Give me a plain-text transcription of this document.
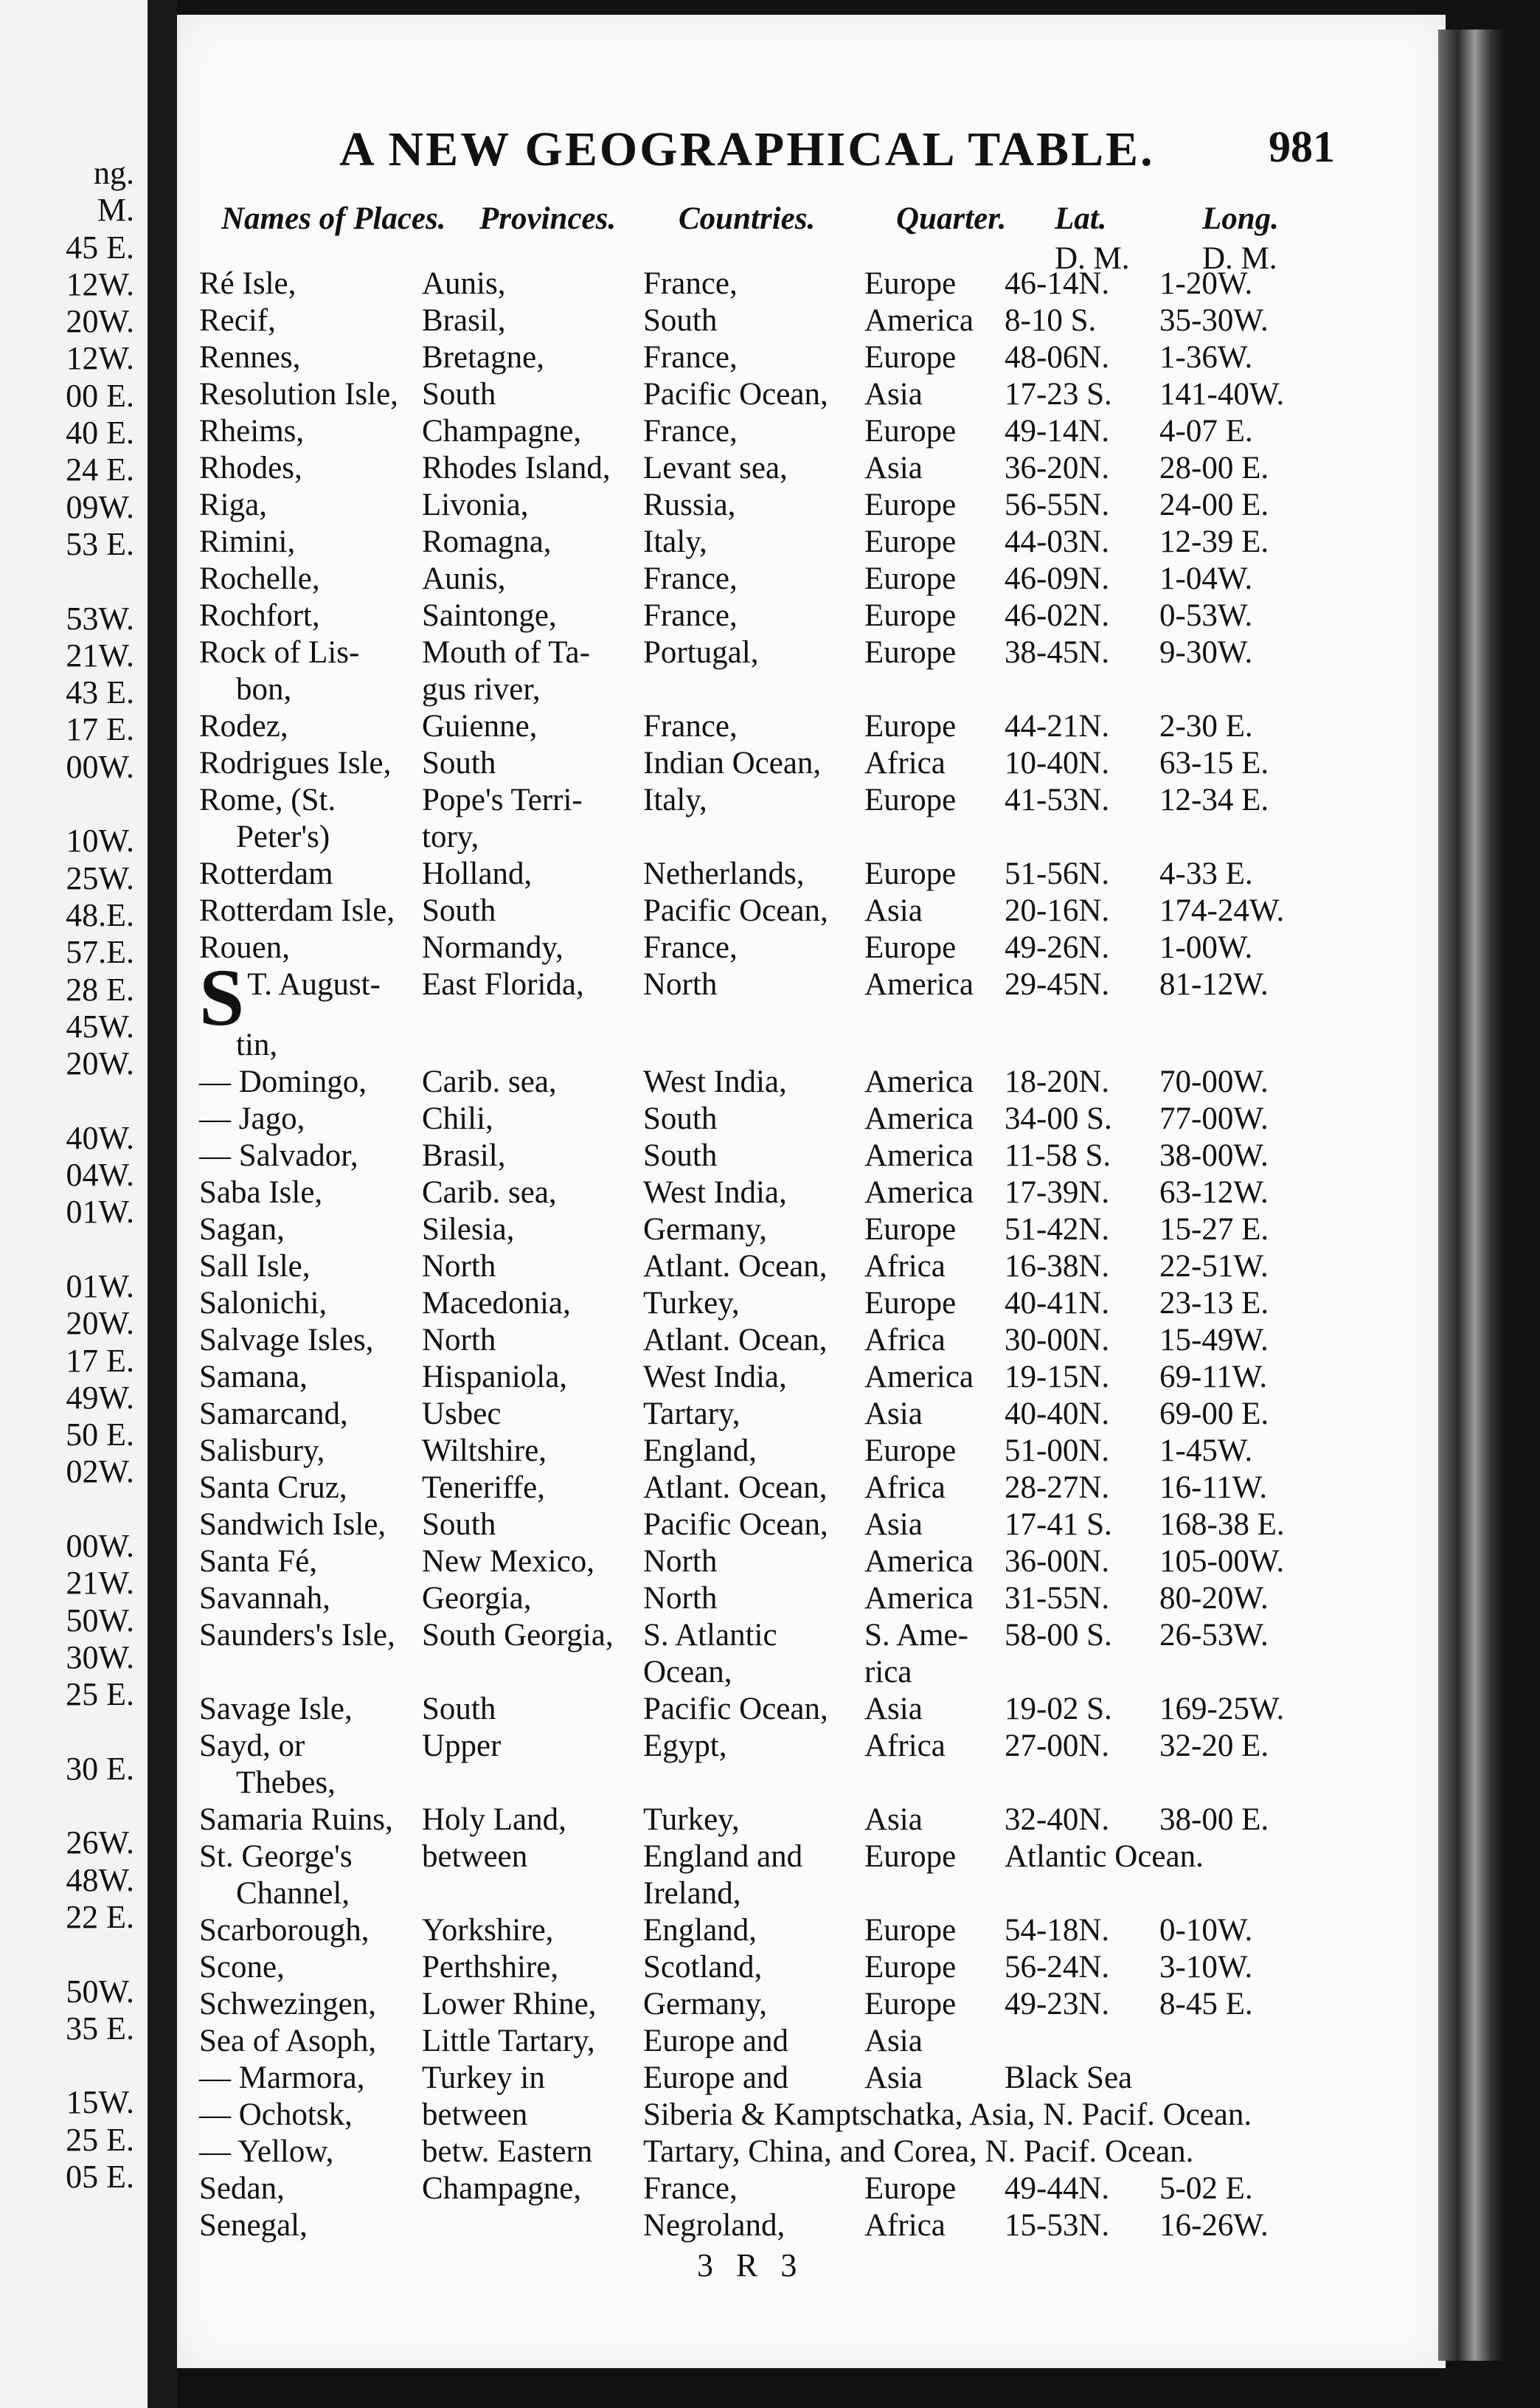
ng.
M.
45 E.
12W.
20W.
12W.
00 E.
40 E.
24 E.
09W.
53 E.
53W.
21W.
43 E.
17 E.
00W.
10W.
25W.
48.E.
57.E.
28 E.
45W.
20W.
40W.
04W.
01W.
01W.
20W.
17 E.
49W.
50 E.
02W.
00W.
21W.
50W.
30W.
25 E.
30 E.
26W.
48W.
22 E.
50W.
35 E.
15W.
25 E.
05 E.
A NEW GEOGRAPHICAL TABLE.	981
Names of Places. Provinces. Countries.	Quarter. Lat.	Long.
D. M. D. M.
Ré Isle,	Aunis,	France,	Europe	46-14N.	1-20W.
Recif,	Brasil,	South	America	8-10 S.	35-30W.
Rennes,	Bretagne,	France,	Europe	48-06N.	1-36W.
Resolution Isle,	South	Pacific Ocean,	Asia	17-23 S.	141-40W.
Rheims,	Champagne,	France,	Europe	49-14N.	4-07 E.
Rhodes,	Rhodes Island,	Levant sea,	Asia	36-20N.	28-00 E.
Riga,	Livonia,	Russia,	Europe	56-55N.	24-00 E.
Rimini,	Romagna,	Italy,	Europe	44-03N.	12-39 E.
Rochelle,	Aunis,	France,	Europe	46-09N.	1-04W.
Rochfort,	Saintonge,	France,	Europe	46-02N.	0-53W.
Rock of Lis-	Mouth of Ta-	Portugal,	Europe	38-45N.	9-30W.
bon,	gus river,				
Rodez,	Guienne,	France,	Europe	44-21N.	2-30 E.
Rodrigues Isle,	South	Indian Ocean,	Africa	10-40N.	63-15 E.
Rome, (St.	Pope's Terri-	Italy,	Europe	41-53N.	12-34 E.
Peter's)	tory,				
Rotterdam	Holland,	Netherlands,	Europe	51-56N.	4-33 E.
Rotterdam Isle,	South	Pacific Ocean,	Asia	20-16N.	174-24W.
Rouen,	Normandy,	France,	Europe	49-26N.	1-00W.

S T. August-	East Florida,	North	America	29-45N.	81-12W.
tin,					
— Domingo,	Carib. sea,	West India,	America	18-20N.	70-00W.
— Jago,	Chili,	South	America	34-00 S.	77-00W.
— Salvador,	Brasil,	South	America	11-58 S.	38-00W.
Saba Isle,	Carib. sea,	West India,	America	17-39N.	63-12W.
Sagan,	Silesia,	Germany,	Europe	51-42N.	15-27 E.
Sall Isle,	North	Atlant. Ocean,	Africa	16-38N.	22-51W.
Salonichi,	Macedonia,	Turkey,	Europe	40-41N.	23-13 E.
Salvage Isles,	North	Atlant. Ocean,	Africa	30-00N.	15-49W.
Samana,	Hispaniola,	West India,	America	19-15N.	69-11W.
Samarcand,	Usbec	Tartary,	Asia	40-40N.	69-00 E.
Salisbury,	Wiltshire,	England,	Europe	51-00N.	1-45W.
Santa Cruz,	Teneriffe,	Atlant. Ocean,	Africa	28-27N.	16-11W.
Sandwich Isle,	South	Pacific Ocean,	Asia	17-41 S.	168-38 E.
Santa Fé,	New Mexico,	North	America	36-00N.	105-00W.
Savannah,	Georgia,	North	America	31-55N.	80-20W.
Saunders's Isle,	South Georgia,	S. Atlantic	S. Ame-	58-00 S.	26-53W.
		Ocean,	rica		
Savage Isle,	South	Pacific Ocean,	Asia	19-02 S.	169-25W.
Sayd, or	Upper	Egypt,	Africa	27-00N.	32-20 E.
Thebes,					
Samaria Ruins,	Holy Land,	Turkey,	Asia	32-40N.	38-00 E.
St. George's	between	England and	Europe	Atlantic Ocean.	
Channel,		Ireland,			
Scarborough,	Yorkshire,	England,	Europe	54-18N.	0-10W.
Scone,	Perthshire,	Scotland,	Europe	56-24N.	3-10W.
Schwezingen,	Lower Rhine,	Germany,	Europe	49-23N.	8-45 E.
Sea of Asoph,	Little Tartary,	Europe and	Asia		
— Marmora,	Turkey in	Europe and	Asia	Black Sea	
— Ochotsk,	between	Siberia & Kamptschatka, Asia, N. Pacif. Ocean.			
— Yellow,	betw. Eastern	Tartary, China, and Corea, N. Pacif. Ocean.			
Sedan,	Champagne,	France,	Europe	49-44N.	5-02 E.
Senegal,		Negroland,	Africa	15-53N.	16-26W.
3 R 3
